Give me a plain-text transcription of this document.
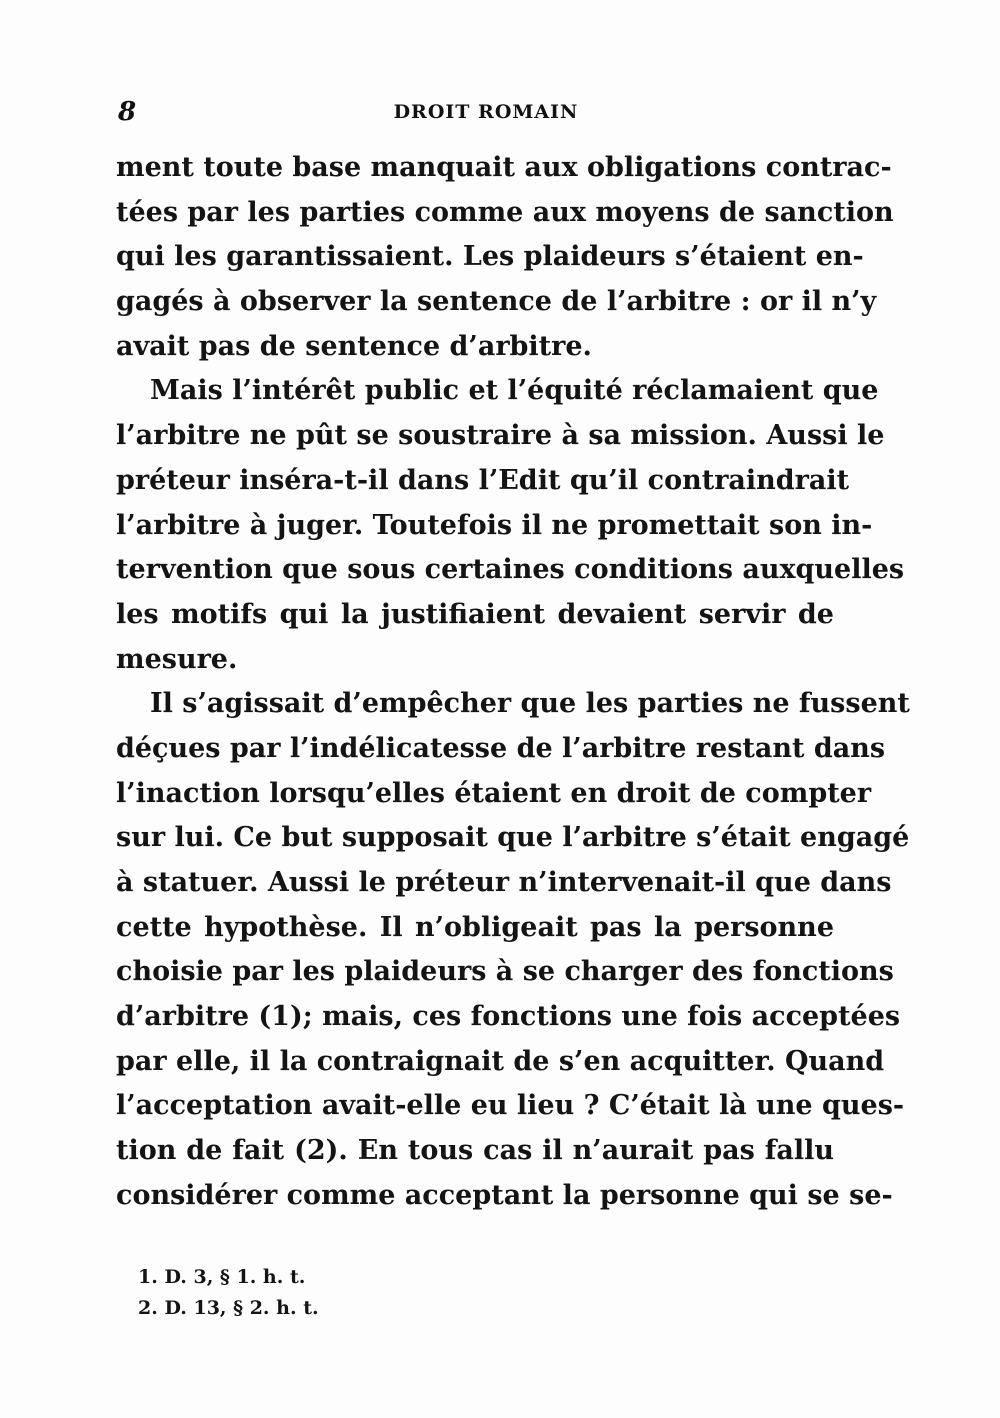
8	DROIT ROMAIN
ment toute base manquait aux obligations contrac-
tées par les parties comme aux moyens de sanction
qui les garantissaient. Les plaideurs s’étaient en-
gagés à observer la sentence de l’arbitre : or il n’y
avait pas de sentence d’arbitre.
Mais l’intérêt public et l’équité réclamaient que
l’arbitre ne pût se soustraire à sa mission. Aussi le
préteur inséra-t-il dans l’Edit qu’il contraindrait
l’arbitre à juger. Toutefois il ne promettait son in-
tervention que sous certaines conditions auxquelles
les motifs qui la justifiaient devaient servir de
mesure.
Il s’agissait d’empêcher que les parties ne fussent
déçues par l’indélicatesse de l’arbitre restant dans
l’inaction lorsqu’elles étaient en droit de compter
sur lui. Ce but supposait que l’arbitre s’était engagé
à statuer. Aussi le préteur n’intervenait-il que dans
cette hypothèse. Il n’obligeait pas la personne
choisie par les plaideurs à se charger des fonctions
d’arbitre (1); mais, ces fonctions une fois acceptées
par elle, il la contraignait de s’en acquitter. Quand
l’acceptation avait-elle eu lieu ? C’était là une ques-
tion de fait (2). En tous cas il n’aurait pas fallu
considérer comme acceptant la personne qui se se-
1. D. 3, § 1. h. t.
2. D. 13, § 2. h. t.
